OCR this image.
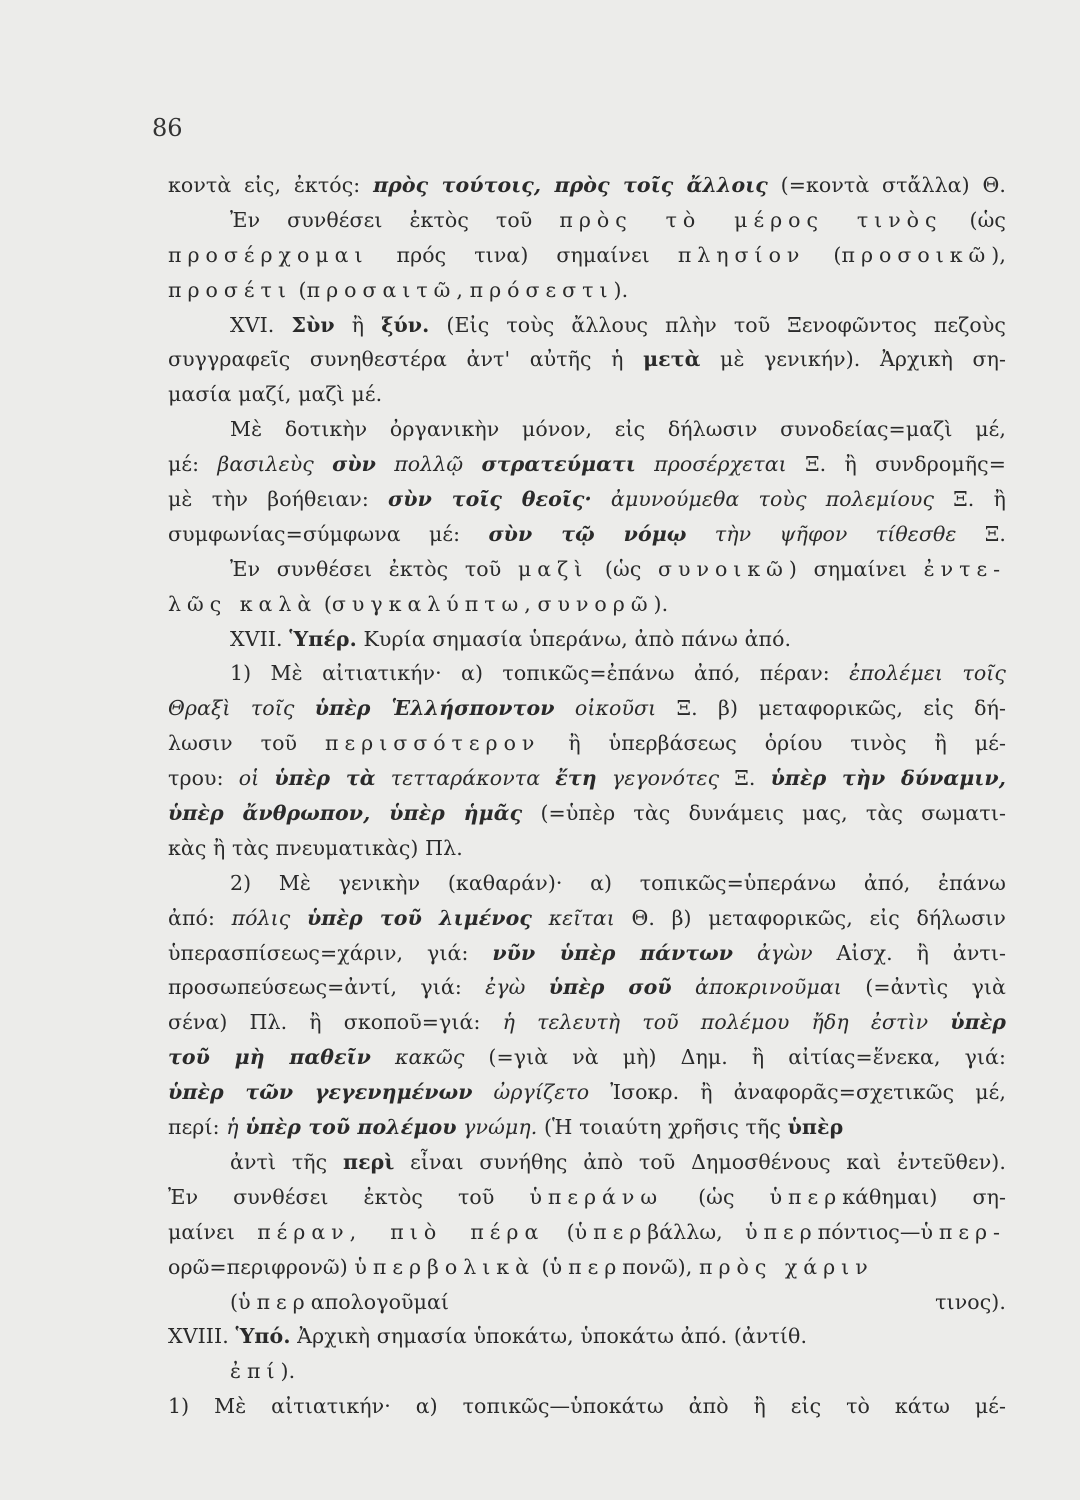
86
κοντὰ εἰς, ἐκτός: πρὸς τούτοις, πρὸς τοῖς ἄλλοις (=κοντὰ στἄλλα) Θ.
Ἐν συνθέσει ἐκτὸς τοῦ πρὸς τὸ μέρος τινὸς (ὡς
προσέρχομαι πρός τινα) σημαίνει πλησίον (προσοικῶ),
προσέτι (προσαιτῶ, πρόσεστι).
XVI. Σὺν ἢ ξύν. (Εἰς τοὺς ἄλλους πλὴν τοῦ Ξενοφῶντος πεζοὺς
συγγραφεῖς συνηθεστέρα ἀντ' αὐτῆς ἡ μετὰ μὲ γενικήν). Ἀρχικὴ ση-
μασία μαζί, μαζὶ μέ.
Μὲ δοτικὴν ὀργανικὴν μόνον, εἰς δήλωσιν συνοδείας=μαζὶ μέ,
μέ: βασιλεὺς σὺν πολλῷ στρατεύματι προσέρχεται Ξ. ἢ συνδρομῆς=
μὲ τὴν βοήθειαν: σὺν τοῖς θεοῖς· ἀμυνούμεθα τοὺς πολεμίους Ξ. ἢ
συμφωνίας=σύμφωνα μέ: σὺν τῷ νόμῳ τὴν ψῆφον τίθεσθε Ξ.
Ἐν συνθέσει ἐκτὸς τοῦ μαζὶ (ὡς συνοικῶ) σημαίνει ἐντε-
λῶς καλὰ (συγκαλύπτω, συνορῶ).
XVII. Ὑπέρ. Κυρία σημασία ὑπεράνω, ἀπὸ πάνω ἀπό.
1) Μὲ αἰτιατικήν· α) τοπικῶς=ἐπάνω ἀπό, πέραν: ἐπολέμει τοῖς
Θραξὶ τοῖς ὑπὲρ Ἑλλήσποντον οἰκοῦσι Ξ. β) μεταφορικῶς, εἰς δή-
λωσιν τοῦ περισσότερον ἢ ὑπερβάσεως ὁρίου τινὸς ἢ μέ-
τρου: οἱ ὑπὲρ τὰ τετταράκοντα ἔτη γεγονότες Ξ. ὑπὲρ τὴν δύναμιν,
ὑπὲρ ἄνθρωπον, ὑπὲρ ἡμᾶς (=ὑπὲρ τὰς δυνάμεις μας, τὰς σωματι-
κὰς ἢ τὰς πνευματικὰς) Πλ.
2) Μὲ γενικὴν (καθαράν)· α) τοπικῶς=ὑπεράνω ἀπό, ἐπάνω
ἀπό: πόλις ὑπὲρ τοῦ λιμένος κεῖται Θ. β) μεταφορικῶς, εἰς δήλωσιν
ὑπερασπίσεως=χάριν, γιά: νῦν ὑπὲρ πάντων ἀγὼν Αἰσχ. ἢ ἀντι-
προσωπεύσεως=ἀντί, γιά: ἐγὼ ὑπὲρ σοῦ ἀποκρινοῦμαι (=ἀντὶς γιὰ
σένα) Πλ. ἢ σκοποῦ=γιά: ἡ τελευτὴ τοῦ πολέμου ἤδη ἐστὶν ὑπὲρ
τοῦ μὴ παθεῖν κακῶς (=γιὰ νὰ μὴ) Δημ. ἢ αἰτίας=ἕνεκα, γιά:
ὑπὲρ τῶν γεγενημένων ὠργίζετο Ἰσοκρ. ἢ ἀναφορᾶς=σχετικῶς μέ,
περί: ἡ ὑπὲρ τοῦ πολέμου γνώμη. (Ἡ τοιαύτη χρῆσις τῆς ὑπὲρ
ἀντὶ τῆς περὶ εἶναι συνήθης ἀπὸ τοῦ Δημοσθένους καὶ ἐντεῦθεν).
Ἐν συνθέσει ἐκτὸς τοῦ ὑπεράνω (ὡς ὑπερκάθημαι) ση-
μαίνει πέραν, πιὸ πέρα (ὑπερβάλλω, ὑπερπόντιος—ὑπερ-
ορῶ=περιφρονῶ) ὑπερβολικὰ (ὑπερπονῶ), πρὸς χάριν
(ὑπεραπολογοῦμαί τινος).
XVIII. Ὑπό. Ἀρχικὴ σημασία ὑποκάτω, ὑποκάτω ἀπό. (ἀντίθ.
ἐπί).
1) Μὲ αἰτιατικήν· α) τοπικῶς—ὑποκάτω ἀπὸ ἢ εἰς τὸ κάτω μέ-
